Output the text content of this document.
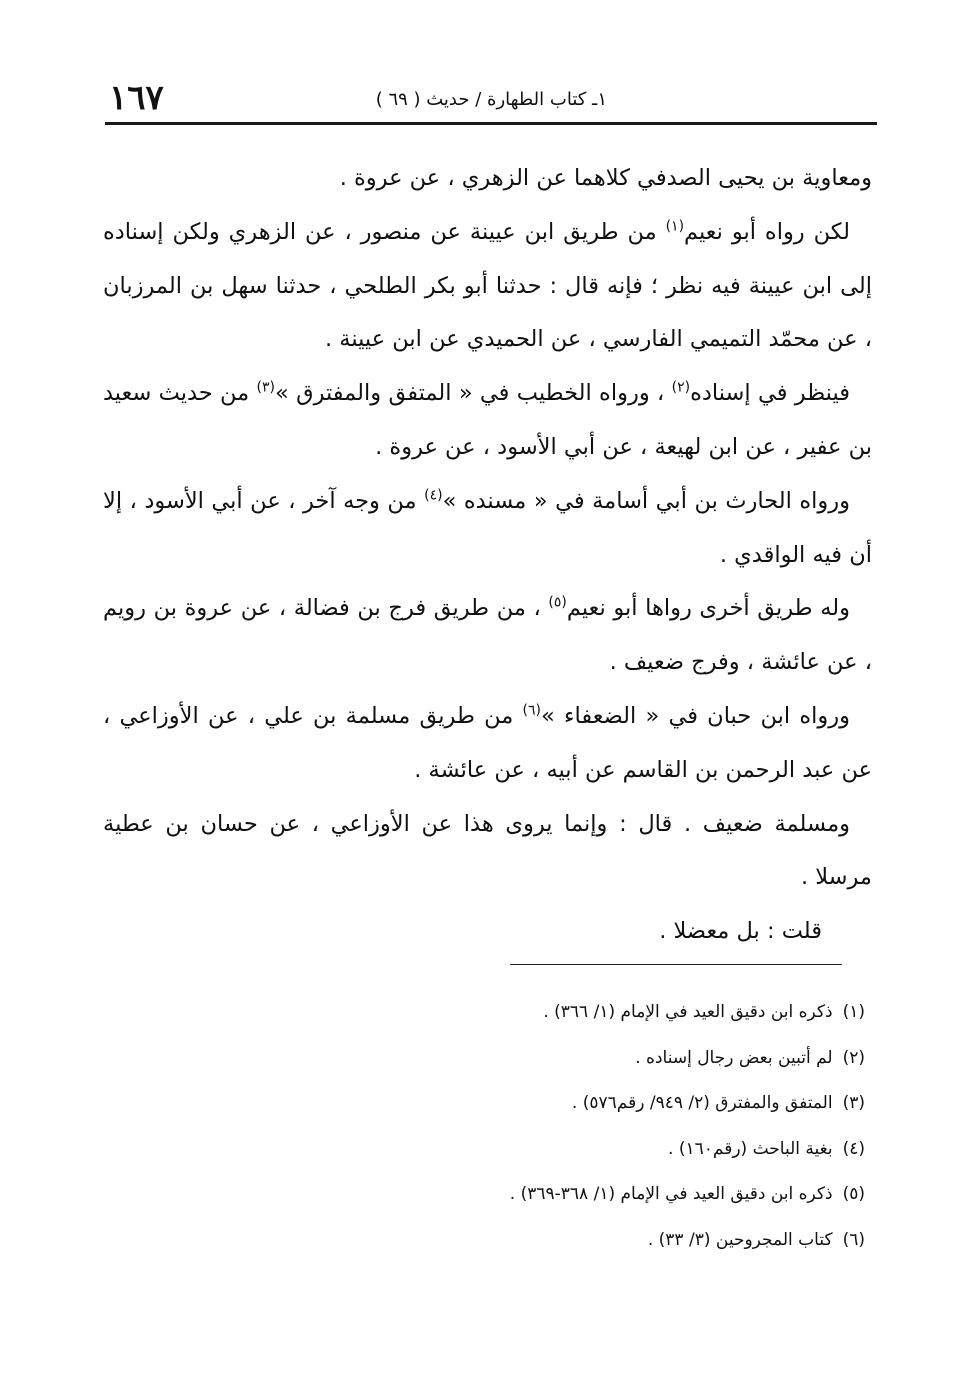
١٦٧	١ـ كتاب الطهارة / حديث ( ٦٩ )

ومعاوية بن يحيى الصدفي كلاهما عن الزهري ، عن عروة .

لكن رواه أبو نعيم$^{(١)}$ من طريق ابن عيينة عن منصور ، عن الزهري ولكن إسناده إلى ابن عيينة فيه نظر ؛ فإنه قال : حدثنا أبو بكر الطلحي ، حدثنا سهل بن المرزبان ، عن محمّد التميمي الفارسي ، عن الحميدي عن ابن عيينة .

فينظر في إسناده$^{(٢)}$ ، ورواه الخطيب في « المتفق والمفترق »$^{(٣)}$ من حديث سعيد بن عفير ، عن ابن لهيعة ، عن أبي الأسود ، عن عروة .

ورواه الحارث بن أبي أسامة في « مسنده »$^{(٤)}$ من وجه آخر ، عن أبي الأسود ، إلا أن فيه الواقدي .

وله طريق أخرى رواها أبو نعيم$^{(٥)}$ ، من طريق فرج بن فضالة ، عن عروة بن رويم ، عن عائشة ، وفرج ضعيف .

ورواه ابن حبان في « الضعفاء »$^{(٦)}$ من طريق مسلمة بن علي ، عن الأوزاعي ، عن عبد الرحمن بن القاسم عن أبيه ، عن عائشة .

ومسلمة ضعيف . قال : وإنما يروى هذا عن الأوزاعي ، عن حسان بن عطية مرسلا .

قلت : بل معضلا .

(١)ذكره ابن دقيق العيد في الإمام (١/ ٣٦٦) .
(٢)لم أتبين بعض رجال إسناده .
(٣)المتفق والمفترق (٢/ ٩٤٩/ رقم٥٧٦) .
(٤)بغية الباحث (رقم١٦٠) .
(٥)ذكره ابن دقيق العيد في الإمام (١/ ٣٦٨-٣٦٩) .
(٦)كتاب المجروحين (٣/ ٣٣) .
